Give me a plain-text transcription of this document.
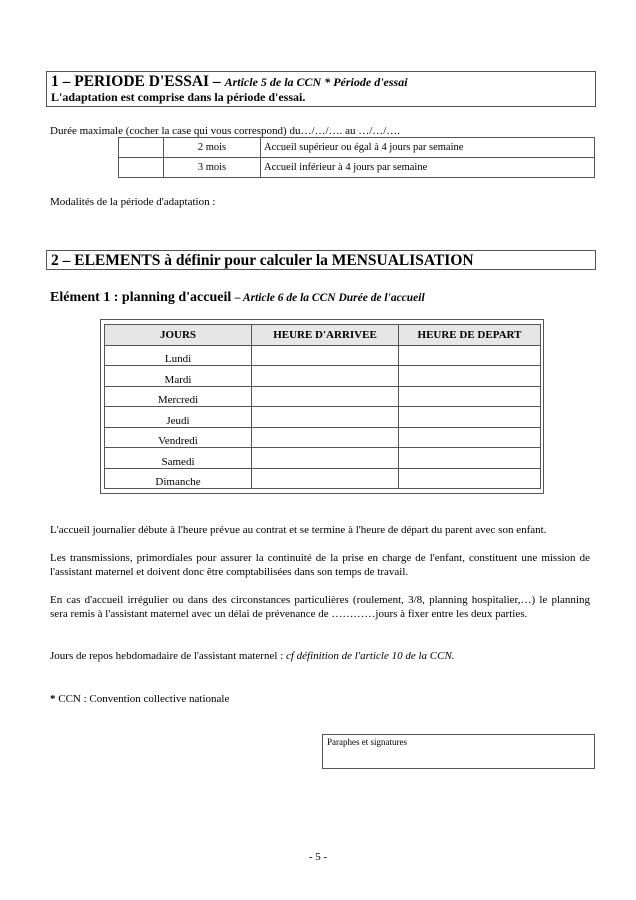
1 – PERIODE D'ESSAI – Article 5 de la CCN * Période d'essai
L'adaptation est comprise dans la période d'essai.
Durée maximale (cocher la case qui vous correspond) du…/…/…. au …/…/….
	2 mois	Accueil supérieur ou égal à 4 jours par semaine
	3 mois	Accueil inférieur à 4 jours par semaine
Modalités de la période d'adaptation :
2 – ELEMENTS à définir pour calculer la MENSUALISATION
Elément 1 : planning d'accueil – Article 6 de la CCN Durée de l'accueil
JOURS	HEURE D'ARRIVEE	HEURE DE DEPART
Lundi		
Mardi		
Mercredi		
Jeudi		
Vendredi		
Samedi		
Dimanche		
L'accueil journalier débute à l'heure prévue au contrat et se termine à l'heure de départ du parent avec son enfant.
Les transmissions, primordiales pour assurer la continuité de la prise en charge de l'enfant, constituent une mission de l'assistant maternel et doivent donc être comptabilisées dans son temps de travail.
En cas d'accueil irrégulier ou dans des circonstances particulières (roulement, 3/8, planning hospitalier,…) le planning sera remis à l'assistant maternel avec un délai de prévenance de …………jours à fixer entre les deux parties.
Jours de repos hebdomadaire de l'assistant maternel : cf définition de l'article 10 de la CCN.
* CCN : Convention collective nationale
Paraphes et signatures
- 5 -
